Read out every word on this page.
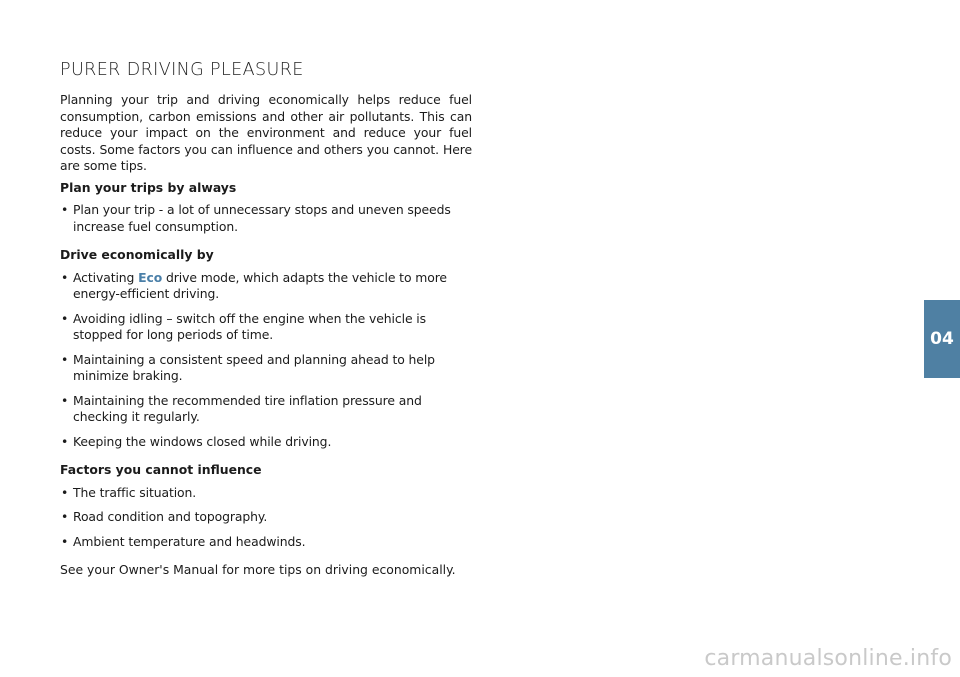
PURER DRIVING PLEASURE

Planning your trip and driving economically helps reduce fuel consumption, carbon emissions and other air pollutants. This can reduce your impact on the environment and reduce your fuel costs. Some factors you can influence and others you cannot. Here are some tips.

Plan your trips by always
• Plan your trip - a lot of unnecessary stops and uneven speeds increase fuel consumption.
Drive economically by
• Activating Eco drive mode, which adapts the vehicle to more energy-efficient driving.
• Avoiding idling – switch off the engine when the vehicle is stopped for long periods of time.
• Maintaining a consistent speed and planning ahead to help minimize braking.
• Maintaining the recommended tire inflation pressure and checking it regularly.
• Keeping the windows closed while driving.
Factors you cannot influence
• The traffic situation.
• Road condition and topography.
• Ambient temperature and headwinds.

See your Owner's Manual for more tips on driving economically.

04
carmanualsonline.info
